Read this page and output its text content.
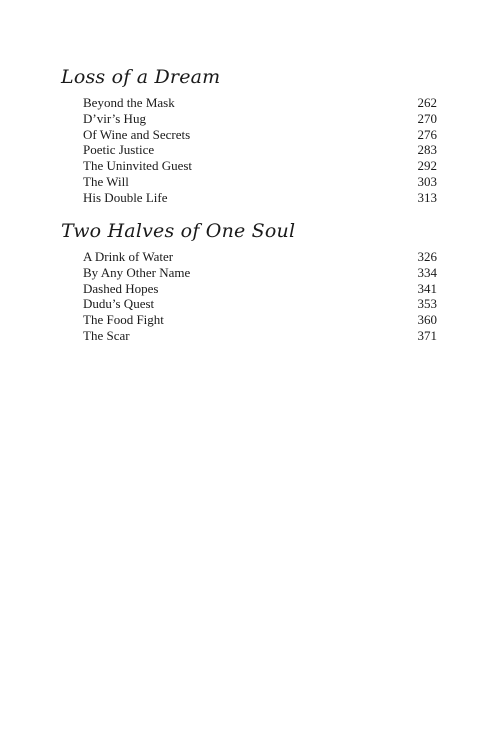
Loss of a Dream
Beyond the Mask	262
D’vir’s Hug	270
Of Wine and Secrets	276
Poetic Justice	283
The Uninvited Guest	292
The Will	303
His Double Life	313
Two Halves of One Soul
A Drink of Water	326
By Any Other Name	334
Dashed Hopes	341
Dudu’s Quest	353
The Food Fight	360
The Scar	371
